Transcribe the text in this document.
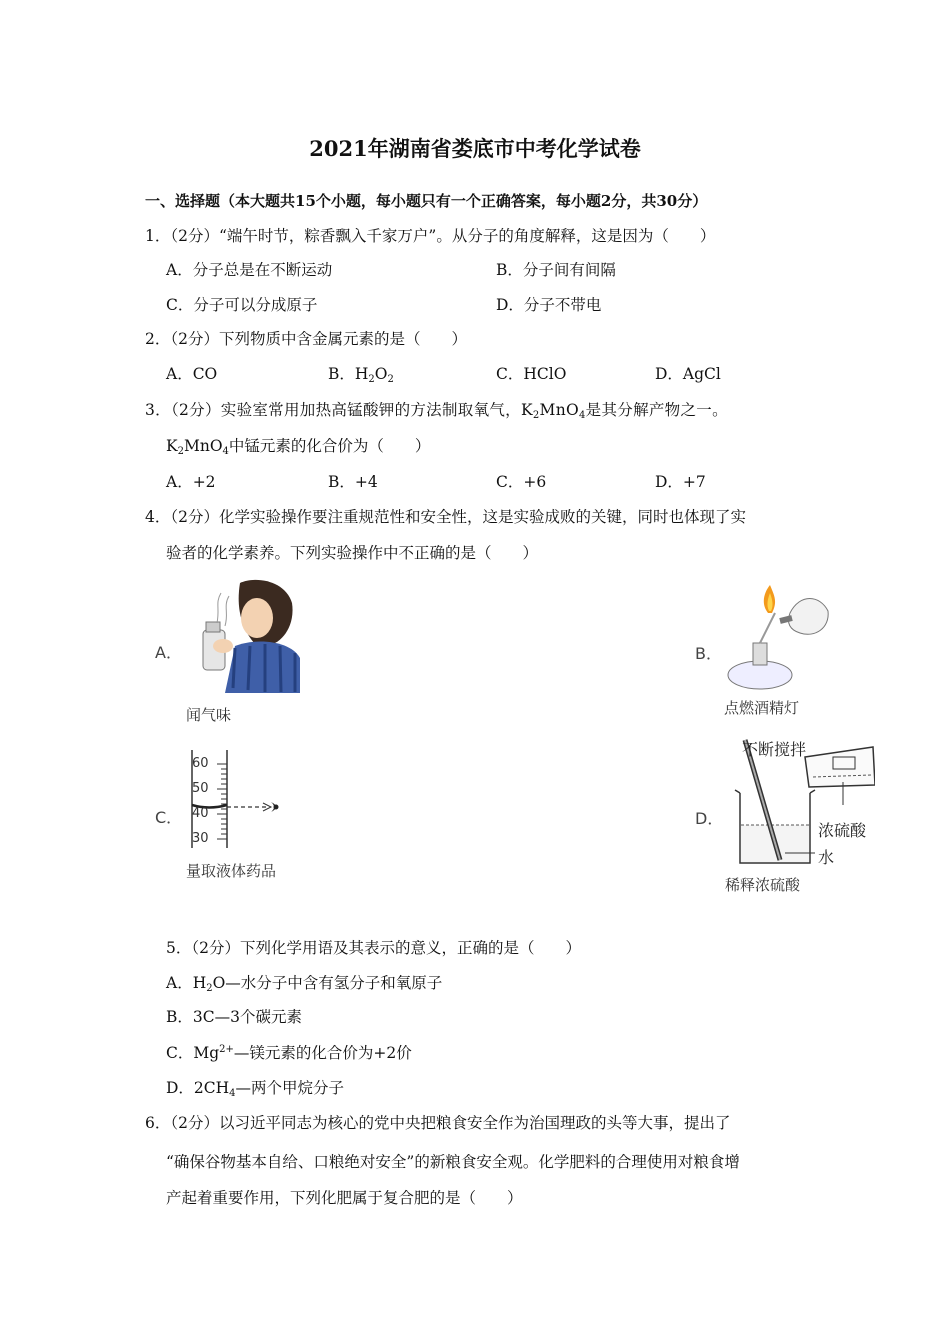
2021年湖南省娄底市中考化学试卷
一、选择题（本大题共15个小题，每小题只有一个正确答案，每小题2分，共30分）
1．（2分）“端午时节，粽香飘入千家万户”。从分子的角度解释，这是因为（　　）
A．分子总是在不断运动	B．分子间有间隔
C．分子可以分成原子	D．分子不带电
2．（2分）下列物质中含金属元素的是（　　）
A．CO	B．$H_2O_2$	C．HClO	D．AgCl
3．（2分）实验室常用加热高锰酸钾的方法制取氧气，$K_2MnO_4$是其分解产物之一。
$K_2MnO_4$中锰元素的化合价为（　　）
A．+2	B．+4	C．+6	D．+7
4．（2分）化学实验操作要注重规范性和安全性，这是实验成败的关键，同时也体现了实
验者的化学素养。下列实验操作中不正确的是（　　）
A．
闻气味
B．
点燃酒精灯
C．
60
50
40
30
量取液体药品
D．
不断搅拌
浓硫酸
水
稀释浓硫酸
5．（2分）下列化学用语及其表示的意义，正确的是（　　）
A．$H_2O—$水分子中含有氢分子和氧原子
B．3C—3个碳元素
C．$Mg^{2+}—$镁元素的化合价为+2价
D．$2CH_4—$两个甲烷分子
6．（2分）以习近平同志为核心的党中央把粮食安全作为治国理政的头等大事，提出了
“确保谷物基本自给、口粮绝对安全”的新粮食安全观。化学肥料的合理使用对粮食增
产起着重要作用，下列化肥属于复合肥的是（　　）
